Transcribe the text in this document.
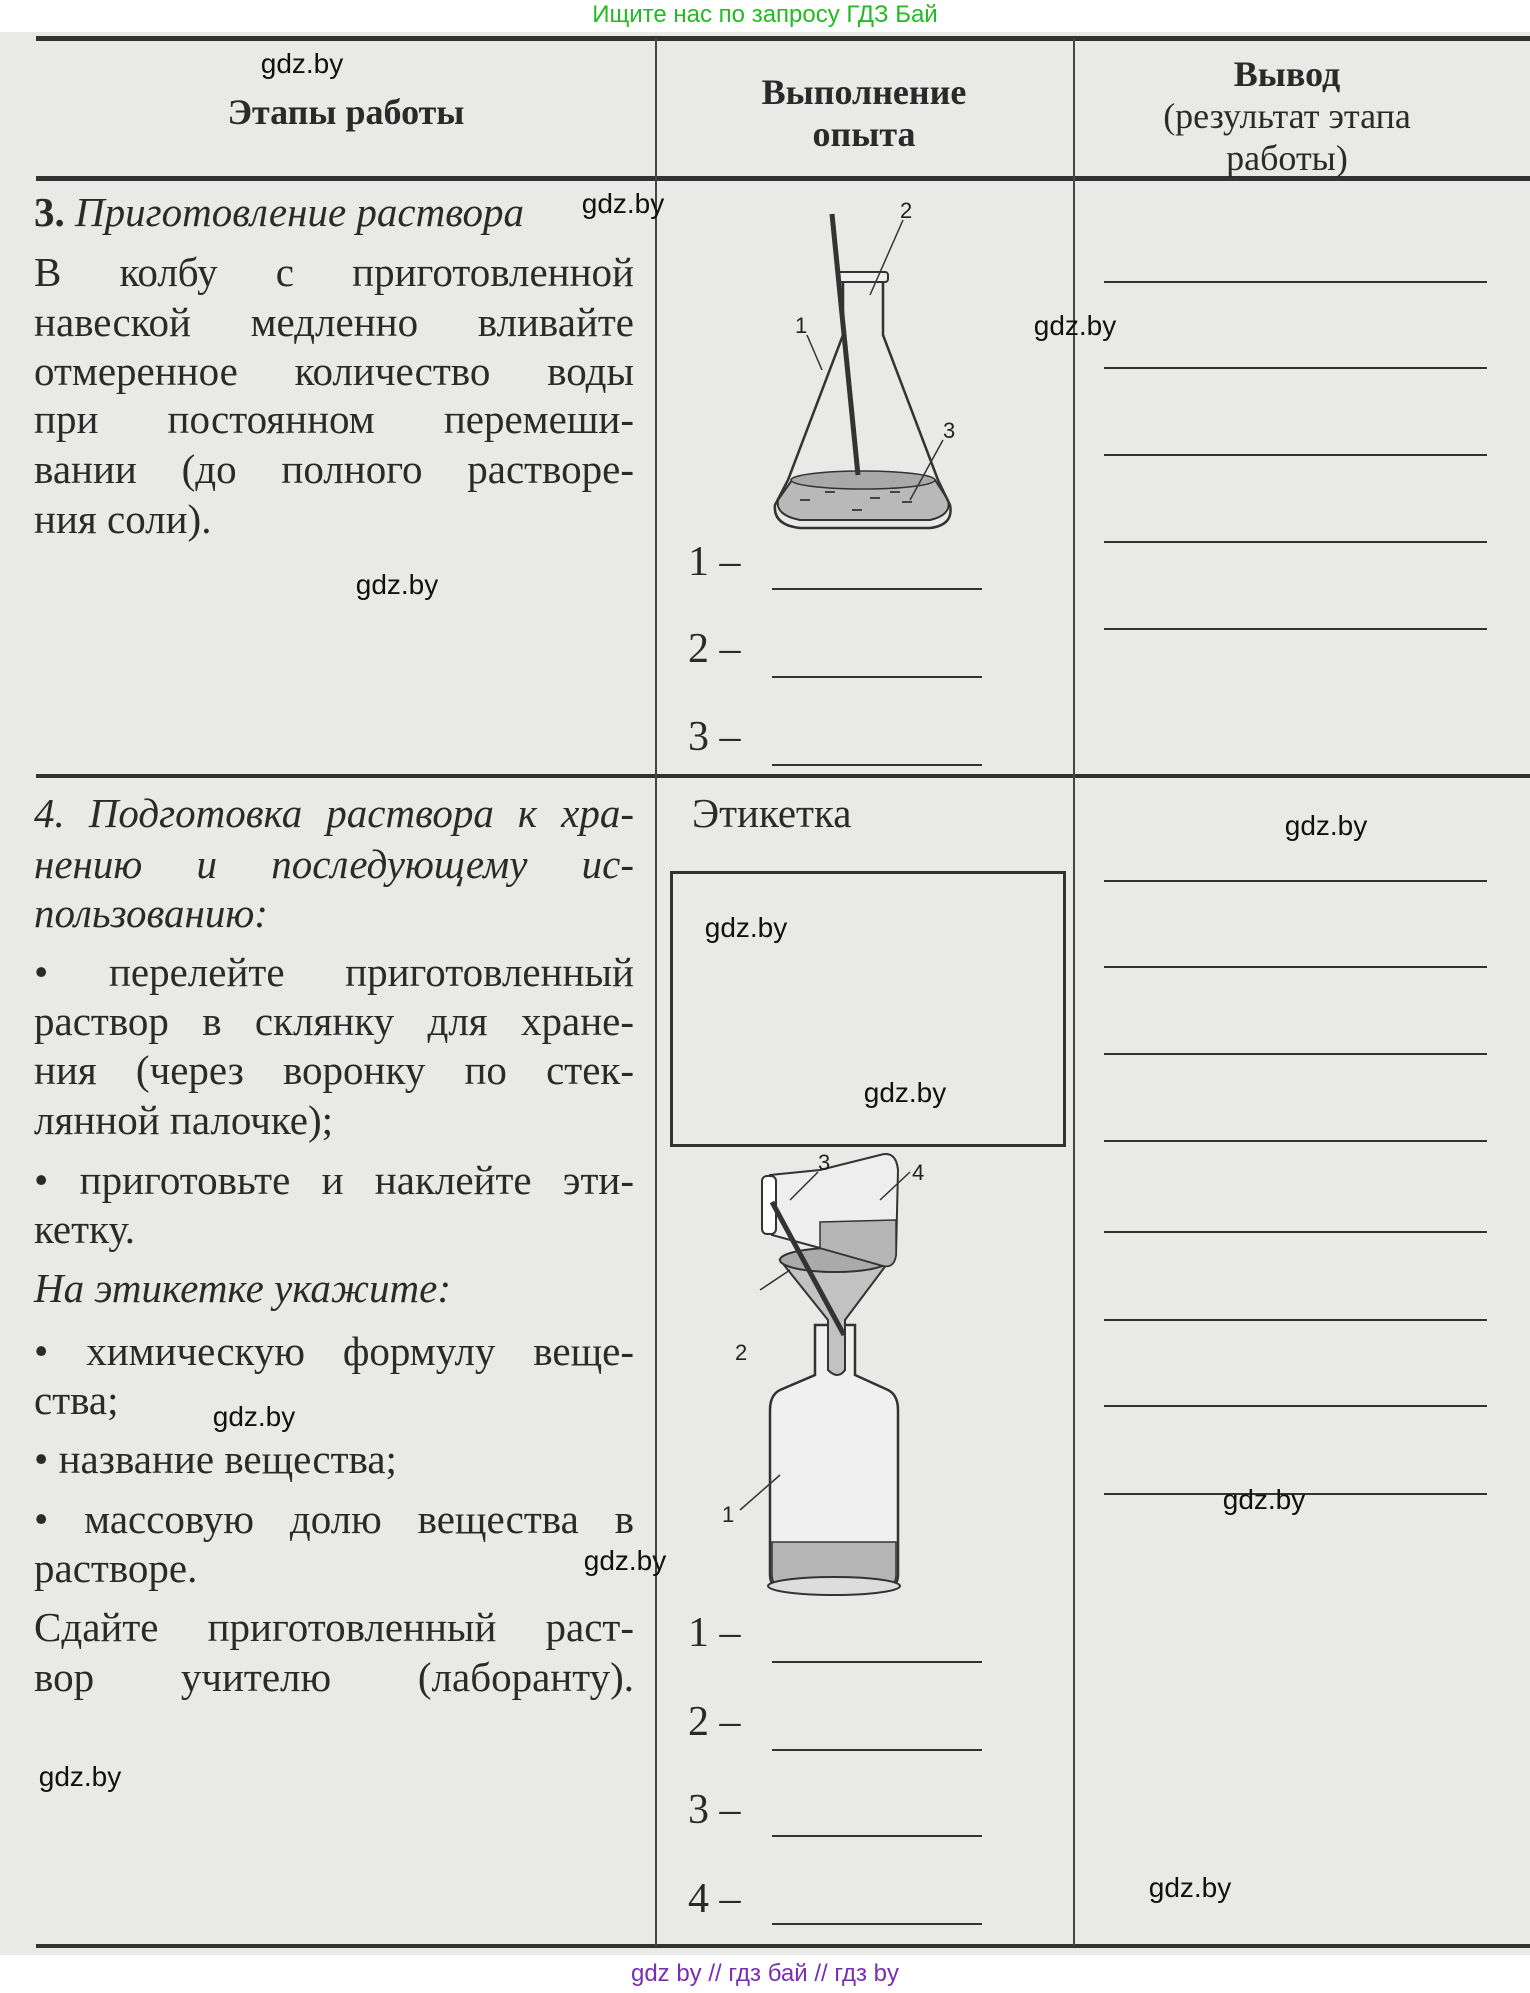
Ищите нас по запросу ГДЗ Бай
Этапы работы	Выполнение
опыта
Вывод
(результат этапа
работы)
3. Приготовление раствора
В колбу с приготовленной
навеской медленно вливайте
отмеренное количество воды
при постоянном перемеши-
вании (до полного растворе-
ния соли).
1
2
3
1 –
2 –
3 –
4. Подготовка раствора к хра-
нению и последующему ис-
пользованию:
• перелейте приготовленный
раствор в склянку для хране-
ния (через воронку по стек-
лянной палочке);
• приготовьте и наклейте эти-
кетку.
На этикетке укажите:
• химическую формулу веще-
ства;
• название вещества;
• массовую долю вещества в
растворе.
Сдайте приготовленный раст-
вор учителю (лаборанту).
Этикетка
1
2
3	4
1 –
2 –
3 –
4 –
gdz.by
gdz.by
gdz.by
gdz.by
gdz.by
gdz.by
gdz.by
gdz.by
gdz.by
gdz.by
gdz.by
gdz.by
gdz by // гдз бай // гдз by
